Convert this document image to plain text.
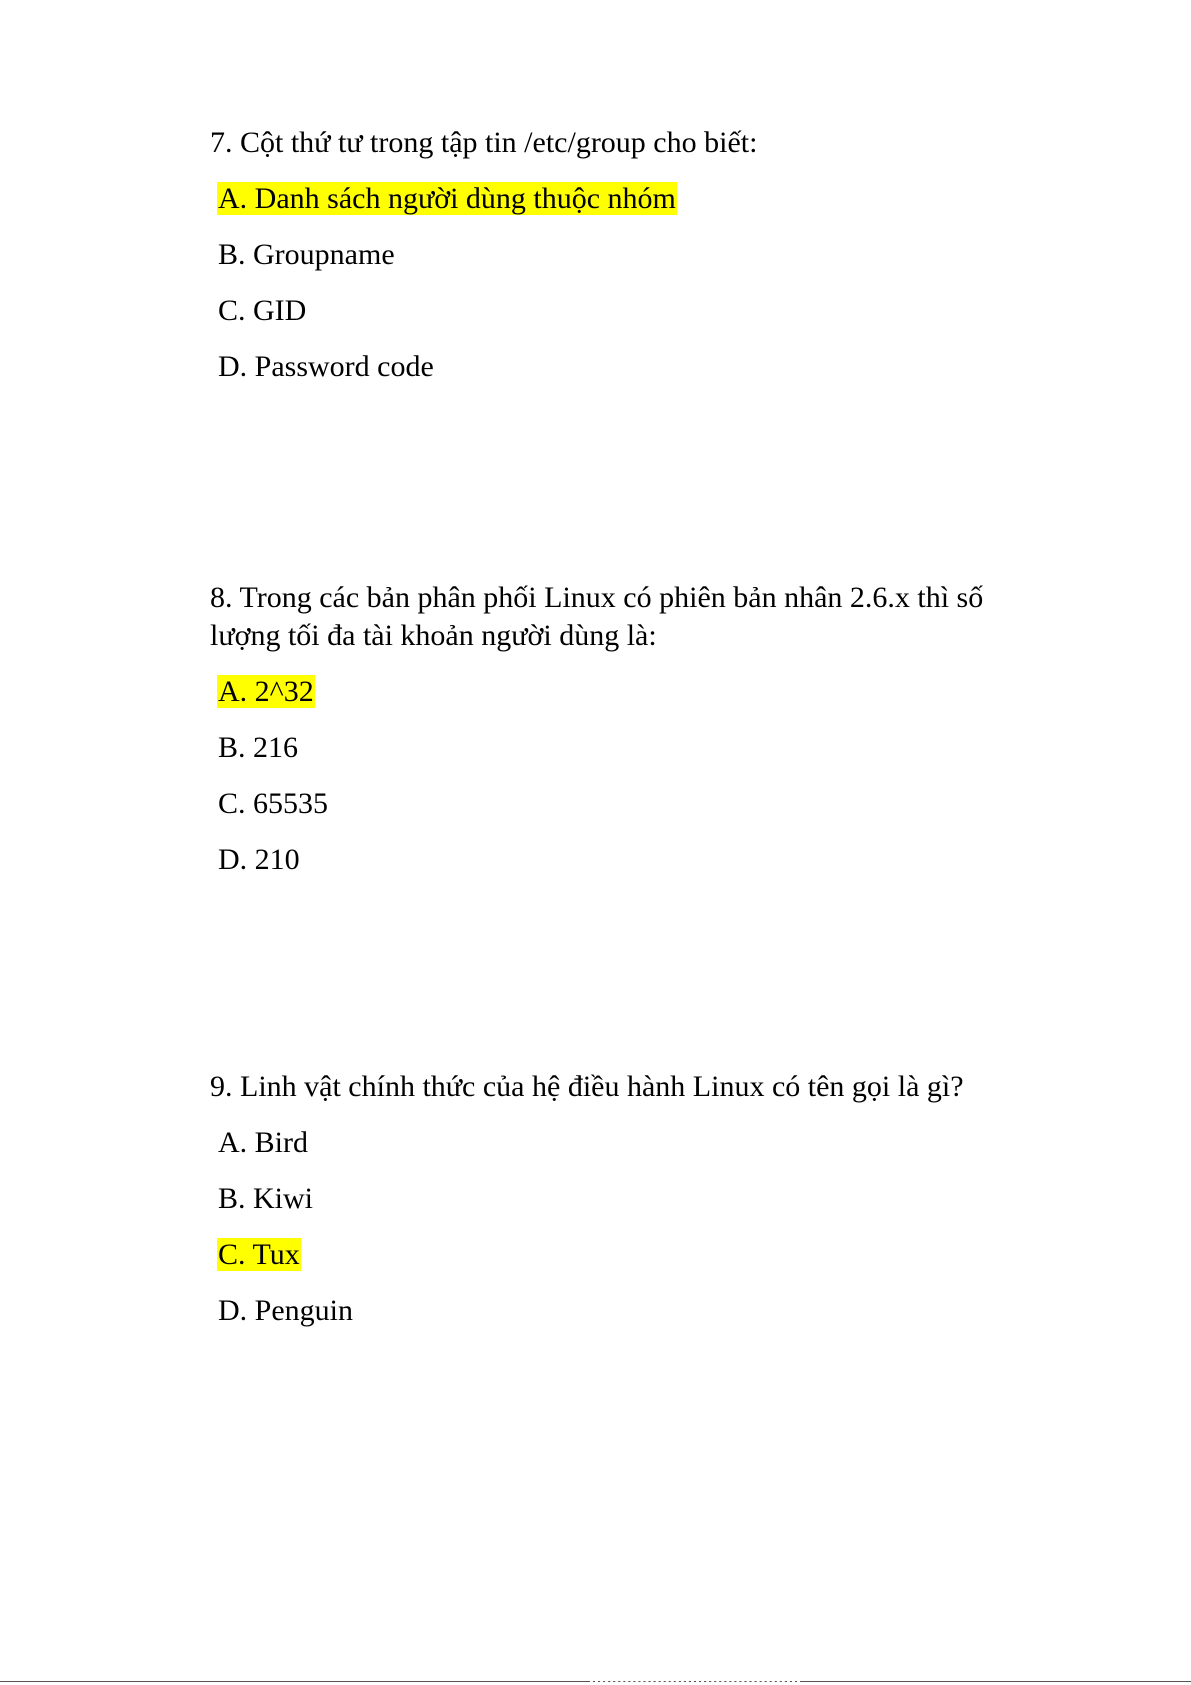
7. Cột thứ tư trong tập tin /etc/group cho biết:
A. Danh sách người dùng thuộc nhóm
B. Groupname
C. GID
D. Password code
8. Trong các bản phân phối Linux có phiên bản nhân 2.6.x thì số
lượng tối đa tài khoản người dùng là:
A. 2^32
B. 216
C. 65535
D. 210
9. Linh vật chính thức của hệ điều hành Linux có tên gọi là gì?
A. Bird
B. Kiwi
C. Tux
D. Penguin
